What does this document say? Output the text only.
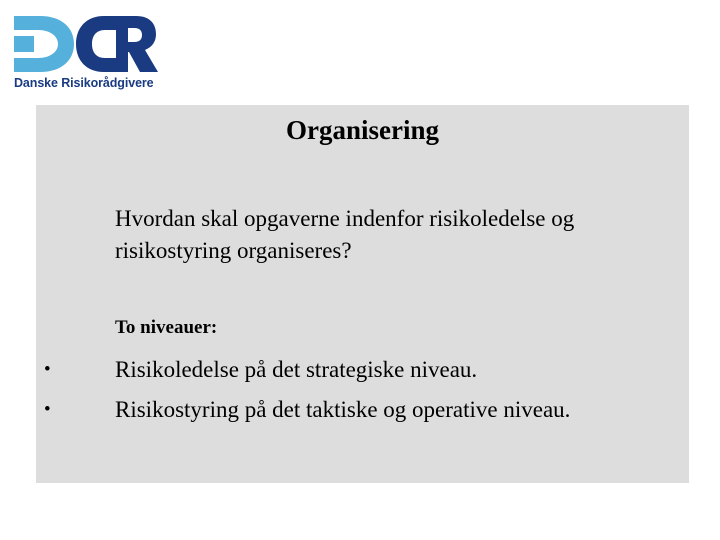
Danske Risikorådgivere
Organisering
Hvordan skal opgaverne indenfor risikoledelse og risikostyring organiseres?
To niveauer:
•	Risikoledelse på det strategiske niveau.
•	Risikostyring på det taktiske og operative niveau.
